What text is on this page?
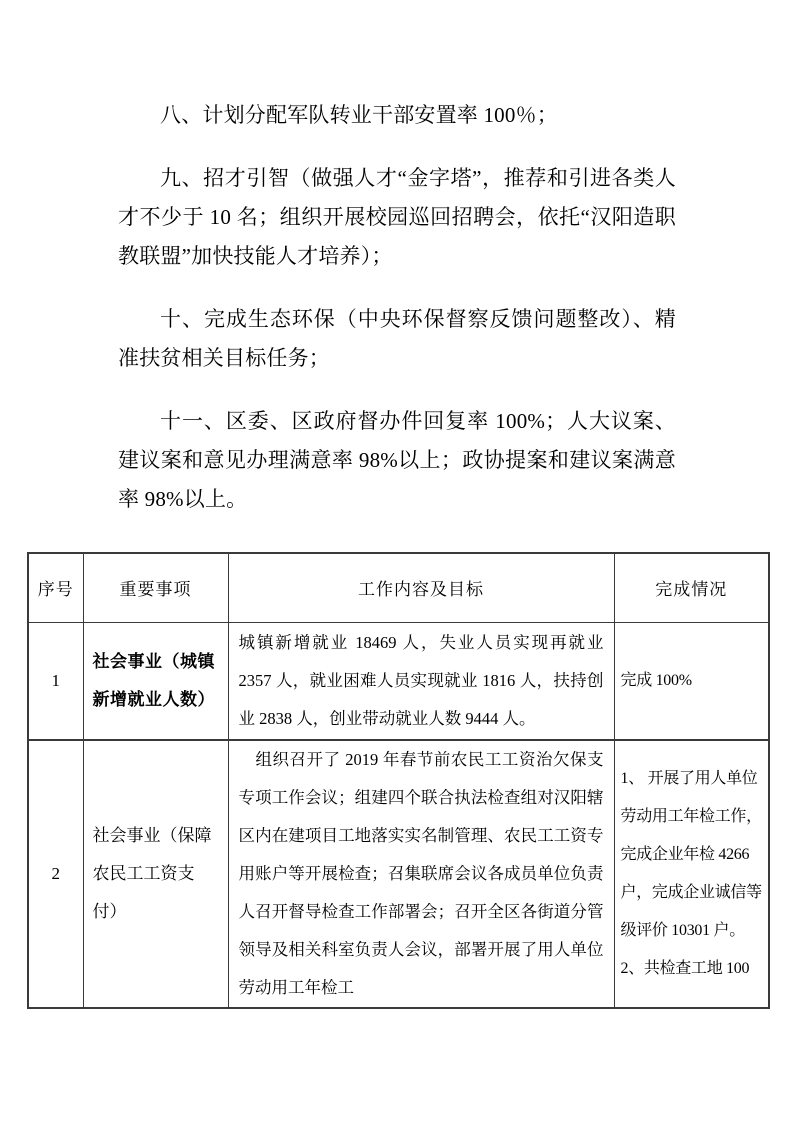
八、计划分配军队转业干部安置率 100％；

九、招才引智（做强人才“金字塔”，推荐和引进各类人才不少于 10 名；组织开展校园巡回招聘会，依托“汉阳造职教联盟”加快技能人才培养）；

十、完成生态环保（中央环保督察反馈问题整改）、精准扶贫相关目标任务；

十一、区委、区政府督办件回复率 100%；人大议案、建议案和意见办理满意率 98%以上；政协提案和建议案满意率 98%以上。

序号	重要事项	工作内容及目标	完成情况
1	社会事业（城镇新增就业人数）	城镇新增就业 18469 人，失业人员实现再就业 2357 人，就业困难人员实现就业 1816 人，扶持创业 2838 人，创业带动就业人数 9444 人。	完成 100%

2	社会事业（保障农民工工资支付）	　组织召开了 2019 年春节前农民工工资治欠保支专项工作会议；组建四个联合执法检查组对汉阳辖区内在建项目工地落实实名制管理、农民工工资专用账户等开展检查；召集联席会议各成员单位负责人召开督导检查工作部署会；召开全区各街道分管领导及相关科室负责人会议，部署开展了用人单位劳动用工年检工	1、 开展了用人单位劳动用工年检工作，完成企业年检 4266 户，完成企业诚信等级评价 10301 户。
2、共检查工地 100
